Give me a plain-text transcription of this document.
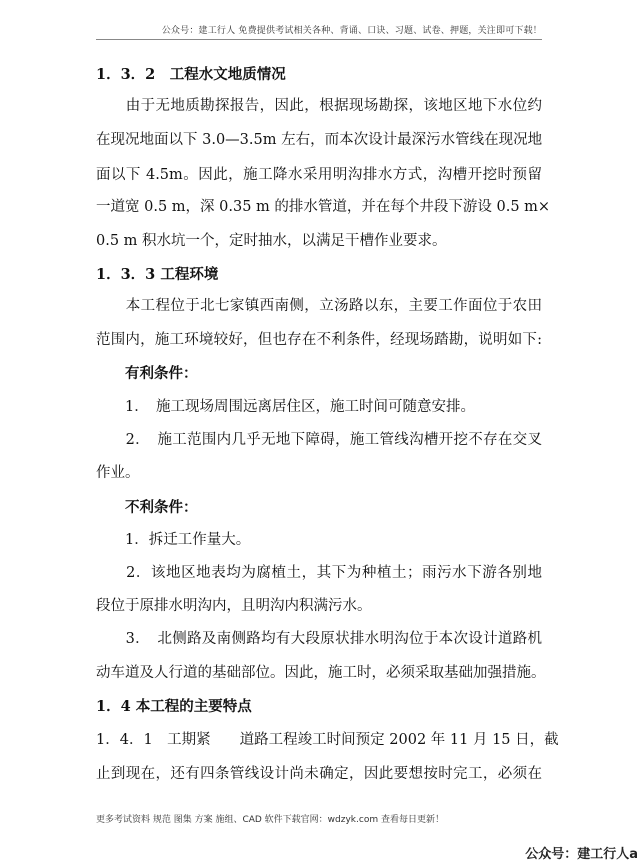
公众号：建工行人 免费提供考试相关各种、背诵、口诀、习题、试卷、押题，关注即可下载！
1．3．2　工程水文地质情况
　　由于无地质勘探报告，因此，根据现场勘探，该地区地下水位约
在现况地面以下 3.0—3.5m 左右，而本次设计最深污水管线在现况地
面以下 4.5m。因此，施工降水采用明沟排水方式，沟槽开挖时预留
一道宽 0.5 m，深 0.35 m 的排水管道，并在每个井段下游设 0.5 m×
0.5 m 积水坑一个，定时抽水，以满足干槽作业要求。
1．3．3 工程环境
　　本工程位于北七家镇西南侧，立汤路以东，主要工作面位于农田
范围内，施工环境较好，但也存在不利条件，经现场踏勘，说明如下:
　　有利条件：
　　1．　施工现场周围远离居住区，施工时间可随意安排。
　　2．　施工范围内几乎无地下障碍，施工管线沟槽开挖不存在交叉
作业。
　　不利条件：
　　1．拆迁工作量大。
　　2．该地区地表均为腐植土，其下为种植土；雨污水下游各别地
段位于原排水明沟内，且明沟内积满污水。
　　3．　北侧路及南侧路均有大段原状排水明沟位于本次设计道路机
动车道及人行道的基础部位。因此，施工时，必须采取基础加强措施。
1．4 本工程的主要特点
1．4．1　工期紧　　道路工程竣工时间预定 2002 年 11 月 15 日，截
止到现在，还有四条管线设计尚未确定，因此要想按时完工，必须在
更多考试资料 规范 图集 方案 施组、CAD 软件下载官网：wdzyk.com 查看每日更新！
公众号：建工行人a
